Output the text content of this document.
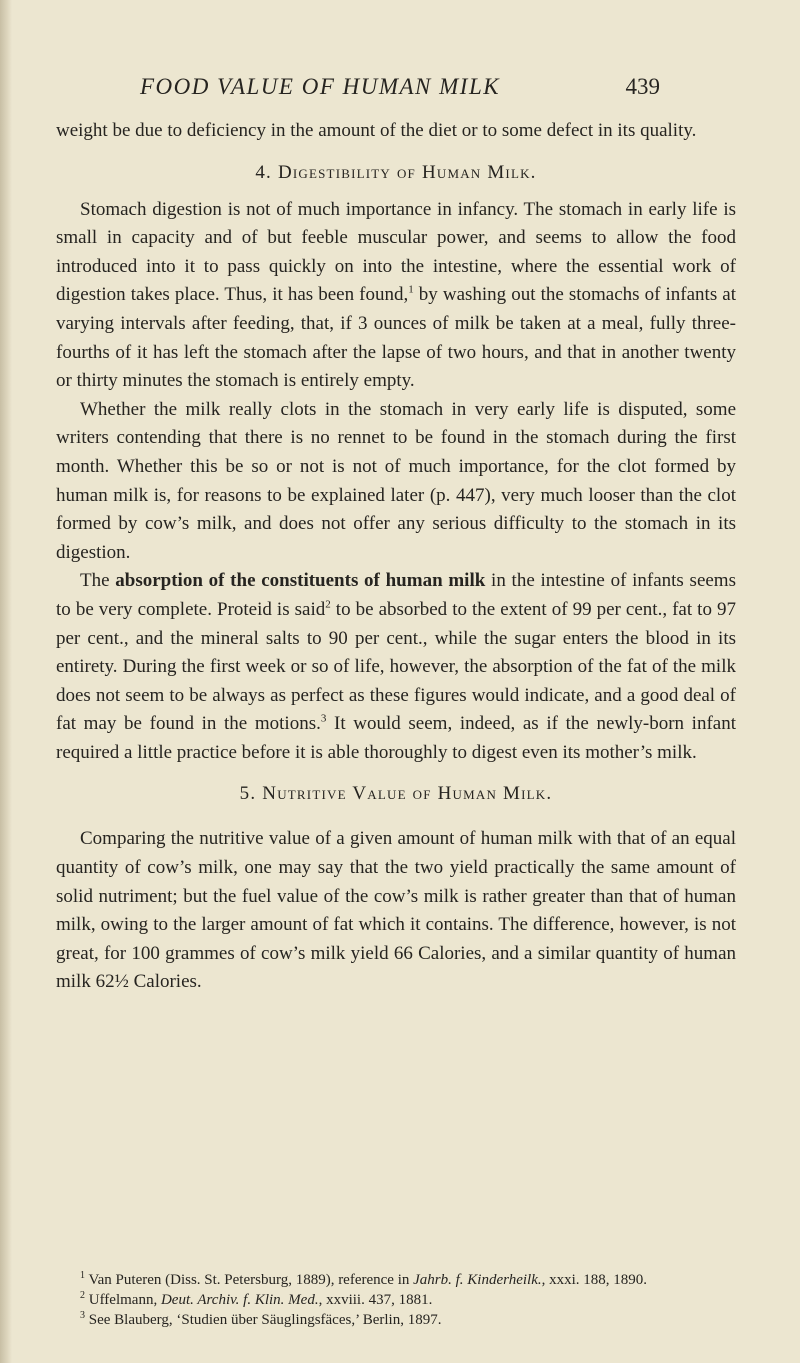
FOOD VALUE OF HUMAN MILK	439

weight be due to deficiency in the amount of the diet or to some defect in its quality.

4. Digestibility of Human Milk.

Stomach digestion is not of much importance in infancy. The stomach in early life is small in capacity and of but feeble muscular power, and seems to allow the food introduced into it to pass quickly on into the intestine, where the essential work of digestion takes place. Thus, it has been found,$^1$ by washing out the stomachs of infants at varying intervals after feeding, that, if 3 ounces of milk be taken at a meal, fully three-fourths of it has left the stomach after the lapse of two hours, and that in another twenty or thirty minutes the stomach is entirely empty.

Whether the milk really clots in the stomach in very early life is disputed, some writers contending that there is no rennet to be found in the stomach during the first month. Whether this be so or not is not of much importance, for the clot formed by human milk is, for reasons to be explained later (p. 447), very much looser than the clot formed by cow’s milk, and does not offer any serious difficulty to the stomach in its digestion.

The absorption of the constituents of human milk in the intestine of infants seems to be very complete. Proteid is said$^2$ to be absorbed to the extent of 99 per cent., fat to 97 per cent., and the mineral salts to 90 per cent., while the sugar enters the blood in its entirety. During the first week or so of life, however, the absorption of the fat of the milk does not seem to be always as perfect as these figures would indicate, and a good deal of fat may be found in the motions.$^3$ It would seem, indeed, as if the newly-born infant required a little practice before it is able thoroughly to digest even its mother’s milk.

5. Nutritive Value of Human Milk.

Comparing the nutritive value of a given amount of human milk with that of an equal quantity of cow’s milk, one may say that the two yield practically the same amount of solid nutriment; but the fuel value of the cow’s milk is rather greater than that of human milk, owing to the larger amount of fat which it contains. The difference, however, is not great, for 100 grammes of cow’s milk yield 66 Calories, and a similar quantity of human milk 62½ Calories.

$^1$ Van Puteren (Diss. St. Petersburg, 1889), reference in Jahrb. f. Kinderheilk., xxxi. 188, 1890.

$^2$ Uffelmann, Deut. Archiv. f. Klin. Med., xxviii. 437, 1881.

$^3$ See Blauberg, ‘Studien über Säuglingsfäces,’ Berlin, 1897.
